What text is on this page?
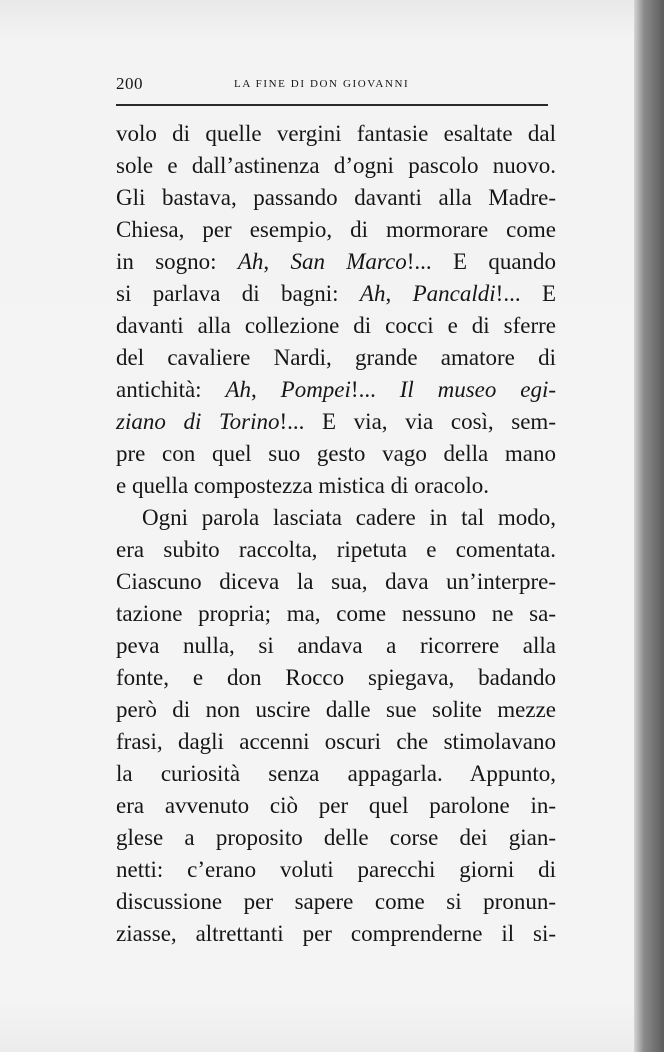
200	LA FINE DI DON GIOVANNI
volo di quelle vergini fantasie esaltate dal
sole e dall’astinenza d’ogni pascolo nuovo.
Gli bastava, passando davanti alla Madre-
Chiesa, per esempio, di mormorare come
in sogno: Ah, San Marco!... E quando
si parlava di bagni: Ah, Pancaldi!... E
davanti alla collezione di cocci e di sferre
del cavaliere Nardi, grande amatore di
antichità: Ah, Pompei!... Il museo egi-
ziano di Torino!... E via, via così, sem-
pre con quel suo gesto vago della mano
e quella compostezza mistica di oracolo.
Ogni parola lasciata cadere in tal modo,
era subito raccolta, ripetuta e comentata.
Ciascuno diceva la sua, dava un’interpre-
tazione propria; ma, come nessuno ne sa-
peva nulla, si andava a ricorrere alla
fonte, e don Rocco spiegava, badando
però di non uscire dalle sue solite mezze
frasi, dagli accenni oscuri che stimolavano
la curiosità senza appagarla. Appunto,
era avvenuto ciò per quel parolone in-
glese a proposito delle corse dei gian-
netti: c’erano voluti parecchi giorni di
discussione per sapere come si pronun-
ziasse, altrettanti per comprenderne il si-
